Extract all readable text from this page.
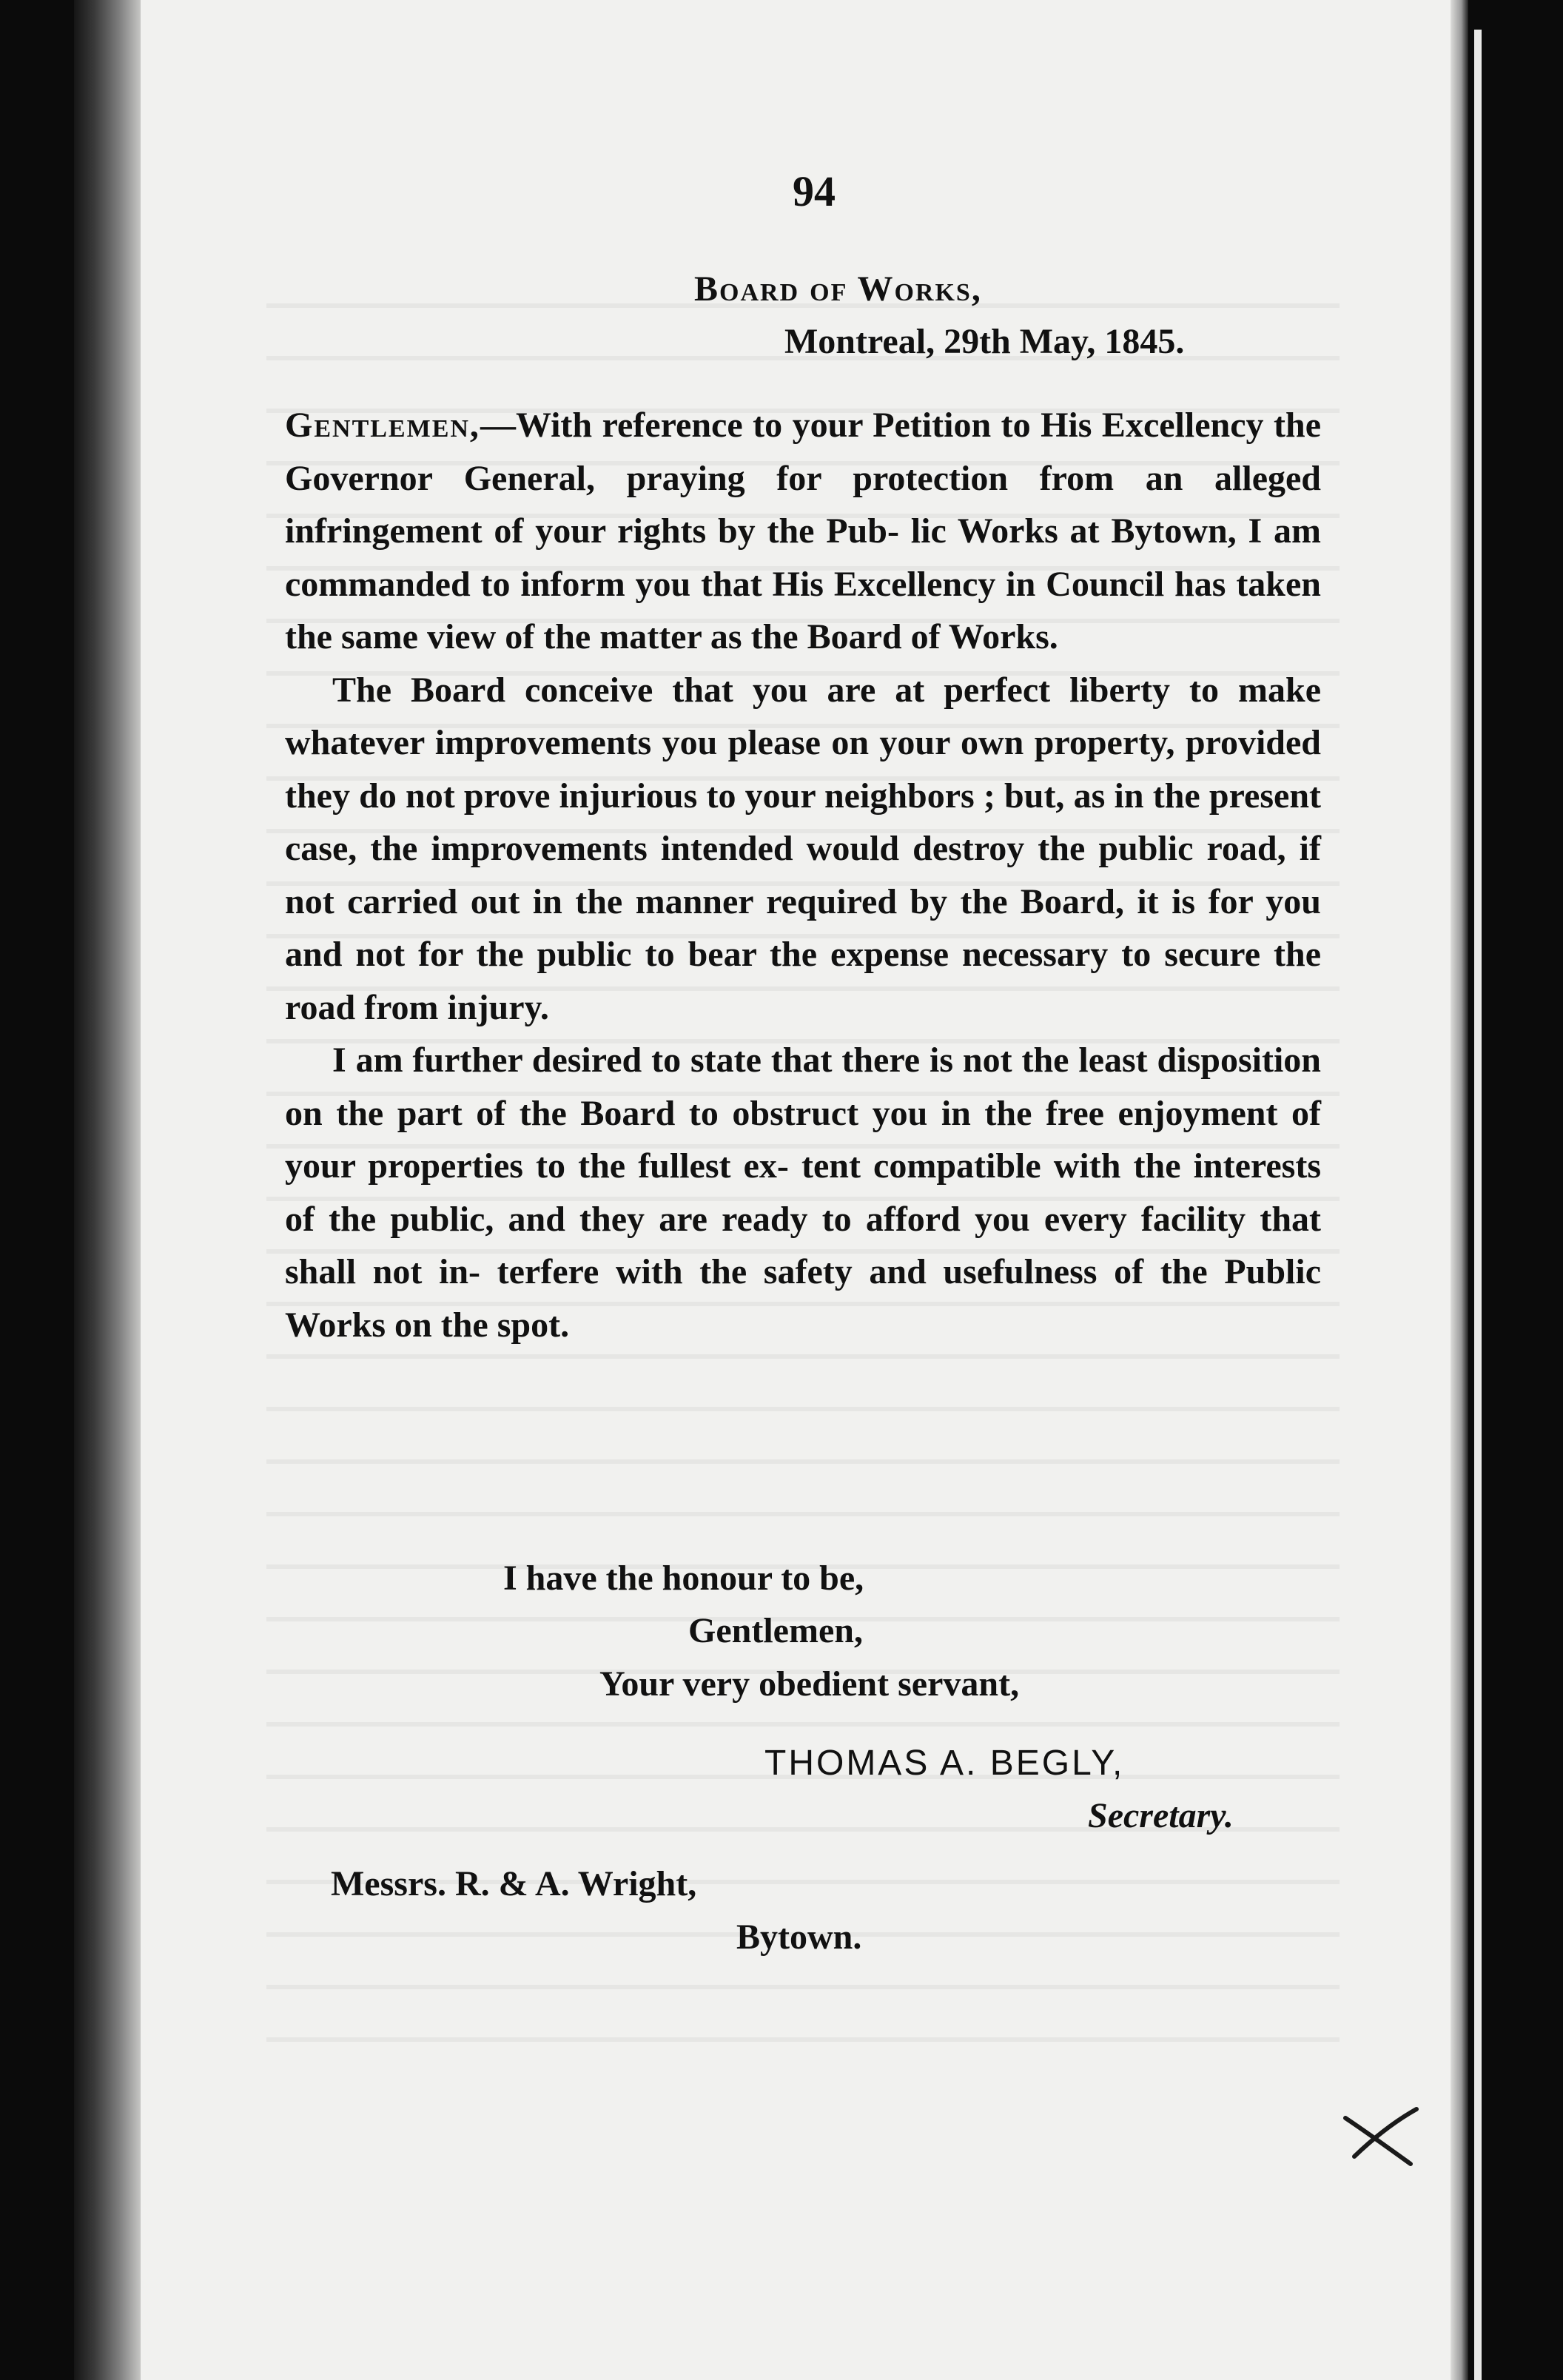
94
Board of Works,
Montreal, 29th May, 1845.

Gentlemen,—With reference to your Petition to His Excellency the Governor General, praying for protection from an alleged infringement of your rights by the Pub- lic Works at Bytown, I am commanded to inform you that His Excellency in Council has taken the same view of the matter as the Board of Works.

The Board conceive that you are at perfect liberty to make whatever improvements you please on your own property, provided they do not prove injurious to your neighbors ; but, as in the present case, the improvements intended would destroy the public road, if not carried out in the manner required by the Board, it is for you and not for the public to bear the expense necessary to secure the road from injury.

I am further desired to state that there is not the least disposition on the part of the Board to obstruct you in the free enjoyment of your properties to the fullest ex- tent compatible with the interests of the public, and they are ready to afford you every facility that shall not in- terfere with the safety and usefulness of the Public Works on the spot.

I have the honour to be,
Gentlemen,
Your very obedient servant,
THOMAS A. BEGLY,
Secretary.
Messrs. R. & A. Wright,
Bytown.
